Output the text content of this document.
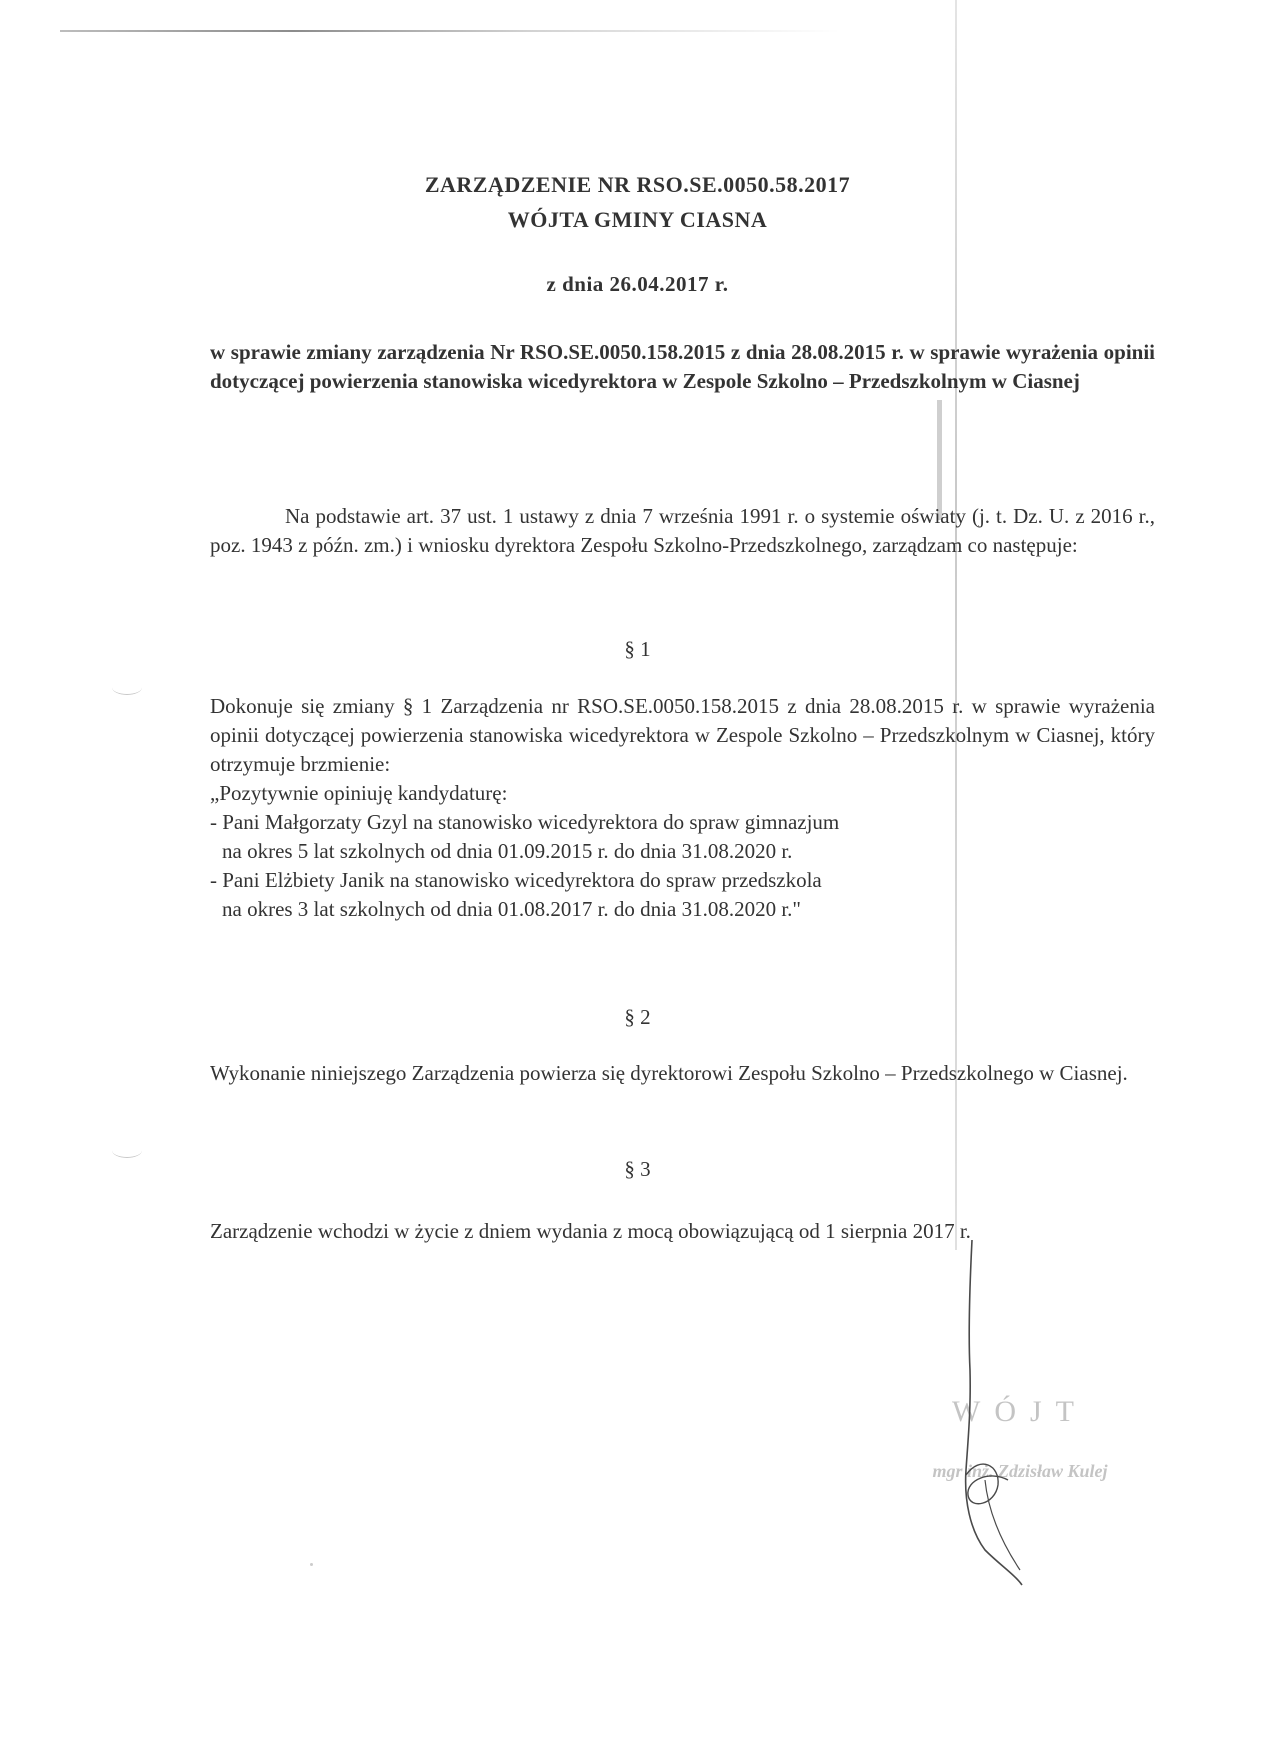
ZARZĄDZENIE NR RSO.SE.0050.58.2017
WÓJTA GMINY CIASNA
z dnia 26.04.2017 r.
w sprawie zmiany zarządzenia Nr RSO.SE.0050.158.2015 z dnia 28.08.2015 r. w sprawie wyrażenia opinii dotyczącej powierzenia stanowiska wicedyrektora w Zespole Szkolno – Przedszkolnym w Ciasnej
Na podstawie art. 37 ust. 1 ustawy z dnia 7 września 1991 r. o systemie oświaty (j. t. Dz. U. z 2016 r., poz. 1943 z późn. zm.) i wniosku dyrektora Zespołu Szkolno-Przedszkolnego, zarządzam co następuje:
§ 1
Dokonuje się zmiany § 1 Zarządzenia nr RSO.SE.0050.158.2015 z dnia 28.08.2015 r. w sprawie wyrażenia opinii dotyczącej powierzenia stanowiska wicedyrektora w Zespole Szkolno – Przedszkolnym w Ciasnej, który otrzymuje brzmienie:
„Pozytywnie opiniuję kandydaturę:
- Pani Małgorzaty Gzyl na stanowisko wicedyrektora do spraw gimnazjum
na okres 5 lat szkolnych od dnia 01.09.2015 r. do dnia 31.08.2020 r.
- Pani Elżbiety Janik na stanowisko wicedyrektora do spraw przedszkola
na okres 3 lat szkolnych od dnia 01.08.2017 r. do dnia 31.08.2020 r."
§ 2
Wykonanie niniejszego Zarządzenia powierza się dyrektorowi Zespołu Szkolno – Przedszkolnego w Ciasnej.
§ 3
Zarządzenie wchodzi w życie z dniem wydania z mocą obowiązującą od 1 sierpnia 2017 r.
WÓJT
mgr inż. Zdzisław Kulej
